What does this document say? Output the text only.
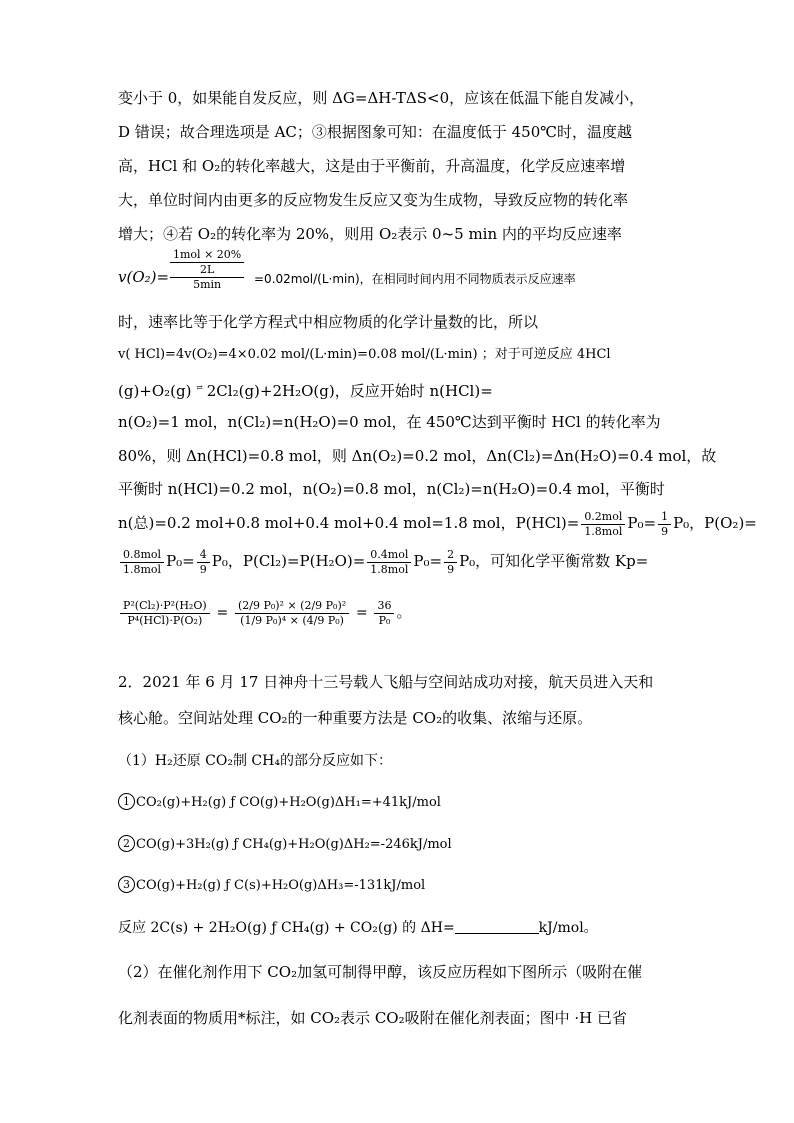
变小于 0，如果能自发反应，则 ΔG=ΔH-TΔS<0，应该在低温下能自发减小，
D 错误；故合理选项是 AC；③根据图象可知：在温度低于 450℃时，温度越
高，HCl 和 O₂的转化率越大，这是由于平衡前，升高温度，化学反应速率增
大，单位时间内由更多的反应物发生反应又变为生成物，导致反应物的转化率
增大；④若 O₂的转化率为 20%，则用 O₂表示 0~5 min 内的平均反应速率
v(O₂)=
1mol × 20%
2L
5min	=0.02mol/(L·min)，在相同时间内用不同物质表示反应速率
时，速率比等于化学方程式中相应物质的化学计量数的比，所以
v( HCl)=4v(O₂)=4×0.02 mol/(L·min)=0.08 mol/(L·min) ；对于可逆反应 4HCl
(g)+O₂(g) ⇌ 2Cl₂(g)+2H₂O(g)，反应开始时 n(HCl)=
n(O₂)=1 mol，n(Cl₂)=n(H₂O)=0 mol，在 450℃达到平衡时 HCl 的转化率为
80%，则 Δn(HCl)=0.8 mol，则 Δn(O₂)=0.2 mol，Δn(Cl₂)=Δn(H₂O)=0.4 mol，故
平衡时 n(HCl)=0.2 mol，n(O₂)=0.8 mol，n(Cl₂)=n(H₂O)=0.4 mol，平衡时
n(总)=0.2 mol+0.8 mol+0.4 mol+0.4 mol=1.8 mol，$P(HCl)= \frac{\text{0.2mol}}{\text{1.8mol}} P_0= \frac{1}{9} P_0$，P(O₂)=
$\frac{\text{0.8mol}}{\text{1.8mol}} P_0= \frac{4}{9} P_0$，$P(Cl_2)=P(H_2O)= \frac{\text{0.4mol}}{\text{1.8mol}} P_0= \frac{2}{9} P_0$，可知化学平衡常数 Kp=
$\frac{\text{P²(Cl₂)·P²(H₂O)}}{\text{P⁴(HCl)·P(O₂)}} = \frac{\text{(2/9 P₀)² × (2/9 P₀)²}}{\text{(1/9 P₀)⁴ × (4/9 P₀)}} = \frac{36}{\text{P₀}}$ 。
2．2021 年 6 月 17 日神舟十三号载人飞船与空间站成功对接，航天员进入天和
核心舱。空间站处理 CO₂的一种重要方法是 CO₂的收集、浓缩与还原。
（1）H₂还原 CO₂制 CH₄的部分反应如下：
1 CO₂(g)+H₂(g) ƒ CO(g)+H₂O(g)ΔH₁=+41kJ/mol
2 CO(g)+3H₂(g) ƒ CH₄(g)+H₂O(g)ΔH₂=-246kJ/mol
3 CO(g)+H₂(g) ƒ C(s)+H₂O(g)ΔH₃=-131kJ/mol
反应 2C(s) + 2H₂O(g) ƒ CH₄(g) + CO₂(g) 的 ΔH=	kJ/mol。
（2）在催化剂作用下 CO₂加氢可制得甲醇，该反应历程如下图所示（吸附在催
化剂表面的物质用*标注，如 CO₂表示 CO₂吸附在催化剂表面；图中 ·H 已省
